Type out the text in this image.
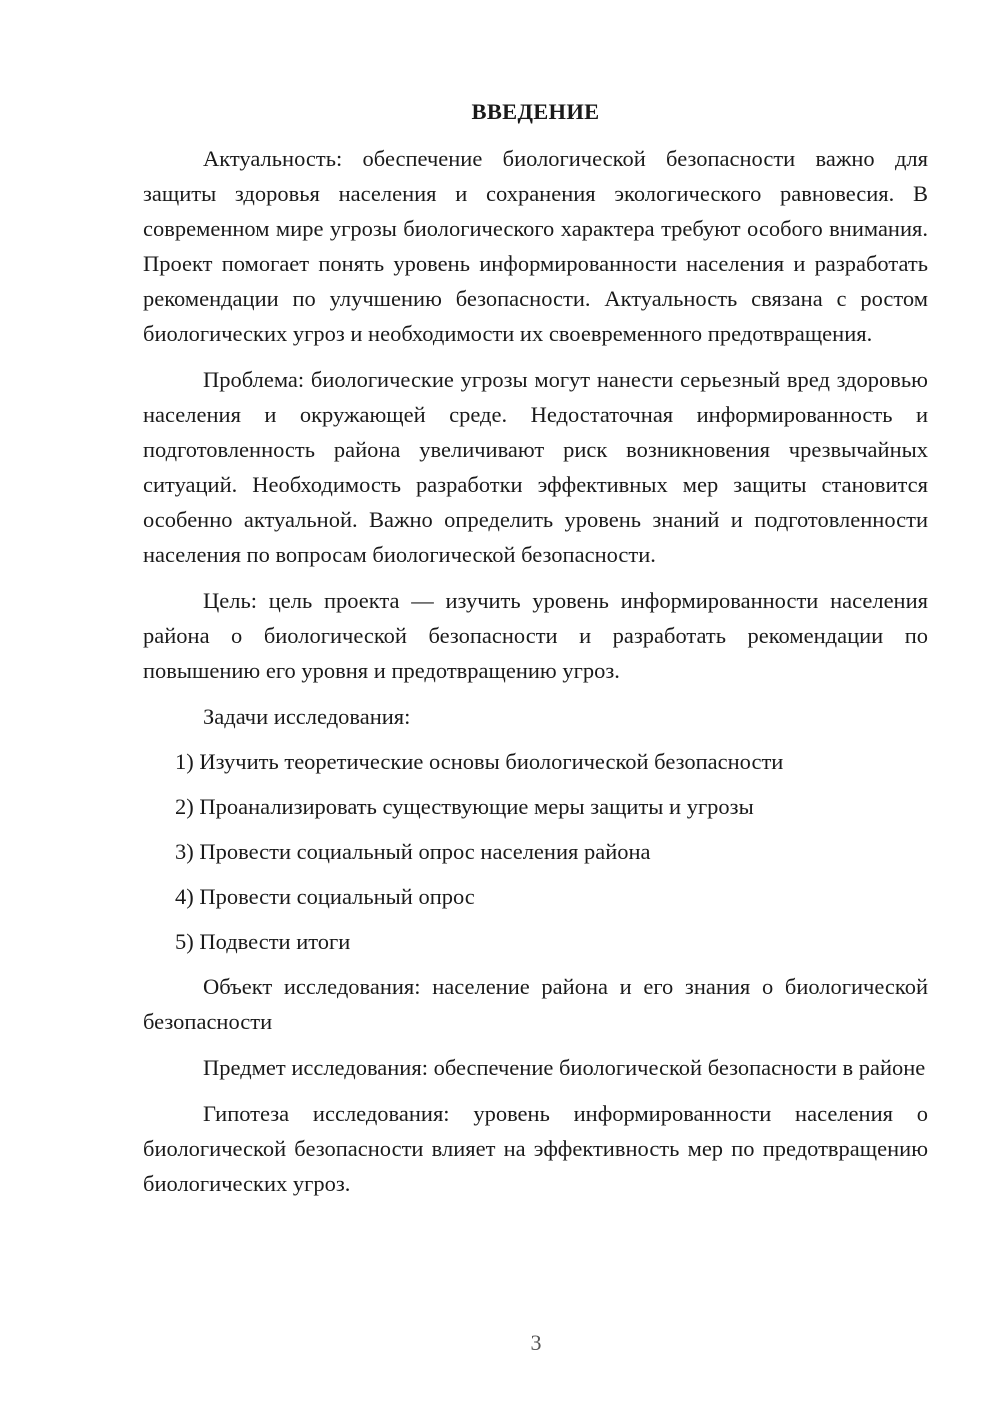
ВВЕДЕНИЕ

Актуальность: обеспечение биологической безопасности важно для защиты здоровья населения и сохранения экологического равновесия. В современном мире угрозы биологического характера требуют особого внимания. Проект помогает понять уровень информированности населения и разработать рекомендации по улучшению безопасности. Актуальность связана с ростом биологических угроз и необходимости их своевременного предотвращения.

Проблема: биологические угрозы могут нанести серьезный вред здоровью населения и окружающей среде. Недостаточная информированность и подготовленность района увеличивают риск возникновения чрезвычайных ситуаций. Необходимость разработки эффективных мер защиты становится особенно актуальной. Важно определить уровень знаний и подготовленности населения по вопросам биологической безопасности.

Цель: цель проекта — изучить уровень информированности населения района о биологической безопасности и разработать рекомендации по повышению его уровня и предотвращению угроз.

Задачи исследования:

1) Изучить теоретические основы биологической безопасности
2) Проанализировать существующие меры защиты и угрозы
3) Провести социальный опрос населения района
4) Провести социальный опрос
5) Подвести итоги

Объект исследования: население района и его знания о биологической безопасности

Предмет исследования: обеспечение биологической безопасности в районе

Гипотеза исследования: уровень информированности населения о биологической безопасности влияет на эффективность мер по предотвращению биологических угроз.

3
